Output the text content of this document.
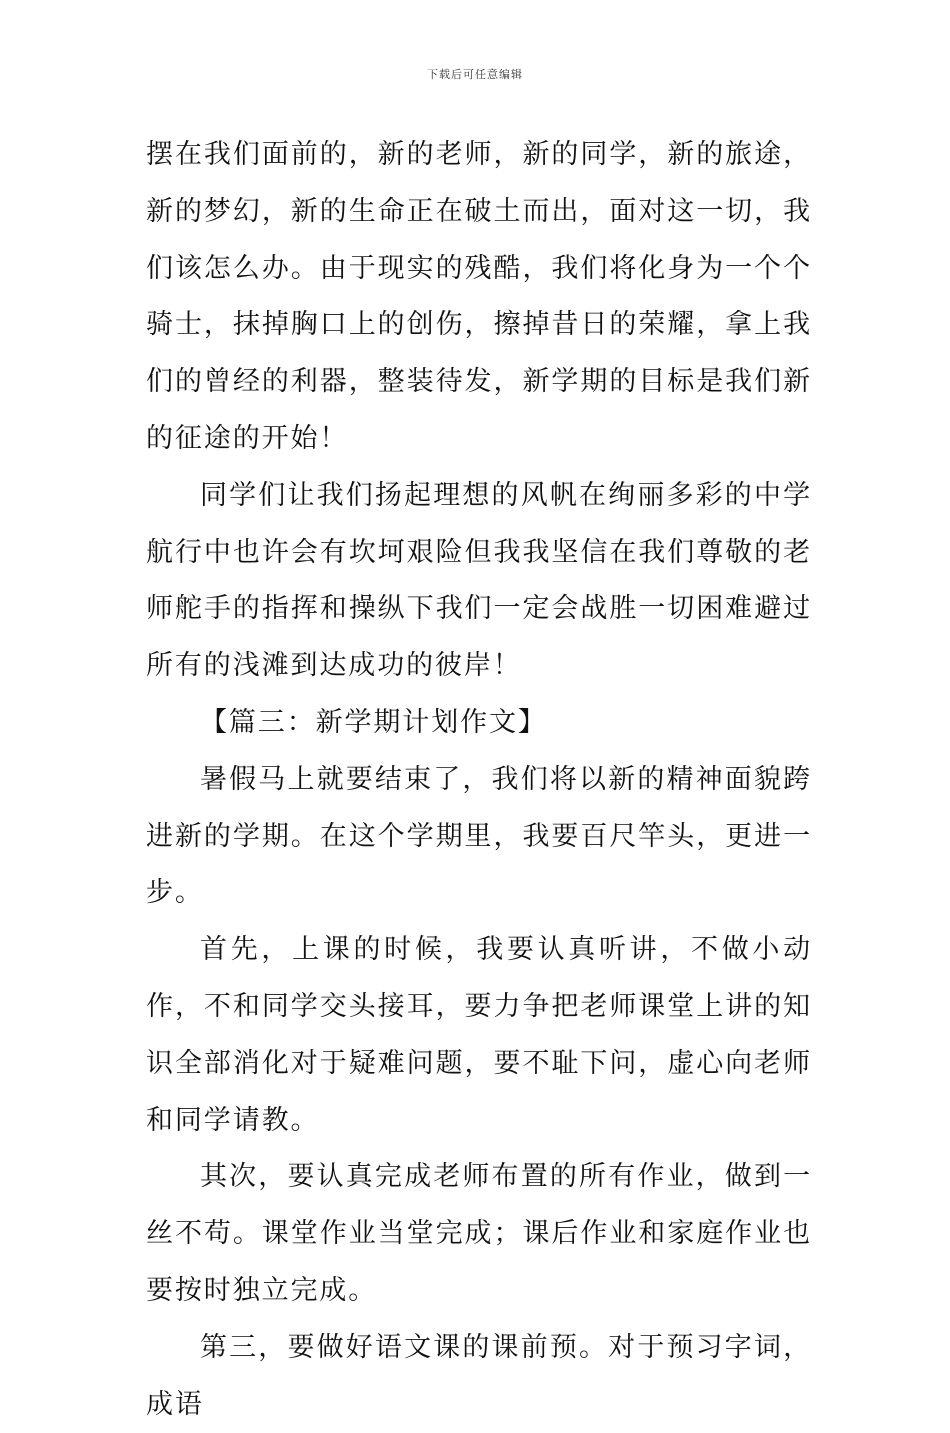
下载后可任意编辑

摆在我们面前的，新的老师，新的同学，新的旅途，新的梦幻，新的生命正在破土而出，面对这一切，我们该怎么办。由于现实的残酷，我们将化身为一个个骑士，抹掉胸口上的创伤，擦掉昔日的荣耀，拿上我们的曾经的利器，整装待发，新学期的目标是我们新的征途的开始！

同学们让我们扬起理想的风帆在绚丽多彩的中学航行中也许会有坎坷艰险但我我坚信在我们尊敬的老师舵手的指挥和操纵下我们一定会战胜一切困难避过所有的浅滩到达成功的彼岸！

【篇三：新学期计划作文】

暑假马上就要结束了，我们将以新的精神面貌跨进新的学期。在这个学期里，我要百尺竿头，更进一步。

首先，上课的时候，我要认真听讲，不做小动作，不和同学交头接耳，要力争把老师课堂上讲的知识全部消化对于疑难问题，要不耻下问，虚心向老师和同学请教。

其次，要认真完成老师布置的所有作业，做到一丝不苟。课堂作业当堂完成；课后作业和家庭作业也要按时独立完成。

第三，要做好语文课的课前预。对于预习字词，成语
